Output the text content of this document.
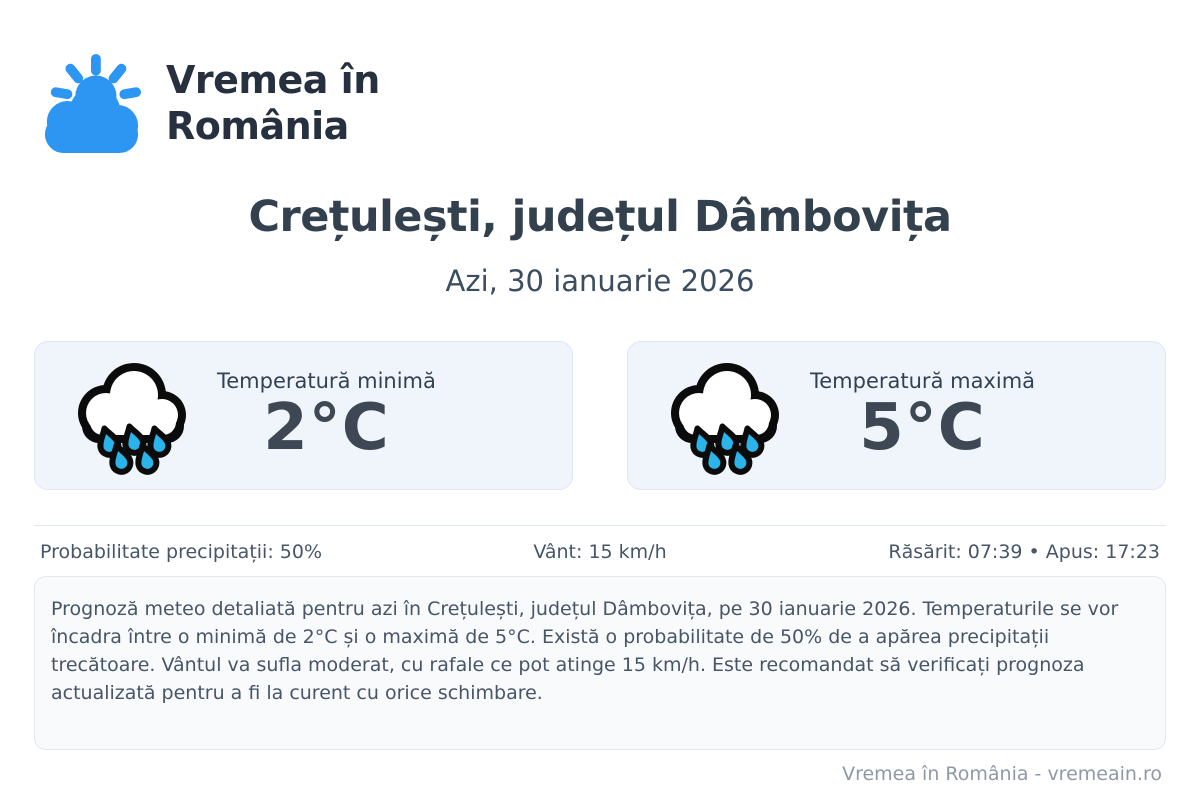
Vremea în
România
Crețulești, județul Dâmbovița
Azi, 30 ianuarie 2026
Temperatură minimă
2°C
Temperatură maximă
5°C
Probabilitate precipitații: 50%	Vânt: 15 km/h	Răsărit: 07:39 • Apus: 17:23

Prognoză meteo detaliată pentru azi în Crețulești, județul Dâmbovița, pe 30 ianuarie 2026. Temperaturile se vor încadra între o minimă de 2°C și o maximă de 5°C. Există o probabilitate de 50% de a apărea precipitații trecătoare. Vântul va sufla moderat, cu rafale ce pot atinge 15 km/h. Este recomandat să verificați prognoza actualizată pentru a fi la curent cu orice schimbare.

Vremea în România - vremeain.ro
